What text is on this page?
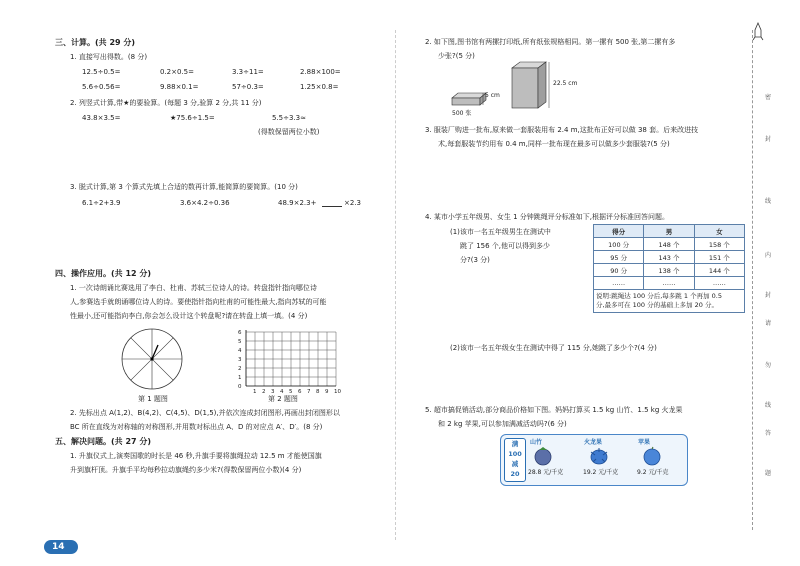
三、计算。(共 29 分)
1. 直接写出得数。(8 分)
12.5÷0.5=	0.2×0.5=	3.3÷11=	2.88×100=
5.6÷0.56=	9.88×0.1=	57÷0.3=	1.25×0.8=
2. 列竖式计算,带★的要验算。(每题 3 分,验算 2 分,共 11 分)
43.8×3.5=	★75.6÷1.5=	5.5÷3.3≈
(得数保留两位小数)
3. 脱式计算,第 3 个算式先填上合适的数再计算,能简算的要简算。(10 分)
6.1÷2+3.9	3.6×4.2÷0.36	48.9×2.3+	×2.3
四、操作应用。(共 12 分)
1. 一次诗朗诵比赛选用了李白、杜甫、苏轼三位诗人的诗。转盘指针指向哪位诗
人,参赛选手就朗诵哪位诗人的诗。要使指针指向杜甫的可能性最大,指向苏轼的可能
性最小,还可能指向李白,你会怎么设计这个转盘呢?请在转盘上填一填。(4 分)
第 1 题图
6
5
4
3
2
1
0
1 2 3 4 5 6 7 8 9 10
第 2 题图
2. 先标出点 A(1,2)、B(4,2)、C(4,5)、D(1,5),并依次连成封闭图形,再画出封闭图形以
BC 所在直线为对称轴的对称图形,并用数对标出点 A、D 的对应点 A′、D′。(8 分)
五、解决问题。(共 27 分)
1. 升旗仪式上,演奏国歌的时长是 46 秒,升旗手要将旗绳拉动 12.5 m 才能使国旗
升到旗杆顶。升旗手平均每秒拉动旗绳约多少米?(得数保留两位小数)(4 分)
14
2. 如下图,图书馆有两摞打印纸,所有纸张规格相同。第一摞有 500 张,第二摞有多
少张?(5 分)
5 cm
22.5 cm
500 张
3. 服装厂购进一批布,原来做一套服装用布 2.4 m,这批布正好可以做 38 套。后来改进技
术,每套服装节约用布 0.4 m,同样一批布现在最多可以做多少套服装?(5 分)
4. 某市小学五年级男、女生 1 分钟跳绳评分标准如下,根据评分标准回答问题。
(1)该市一名五年级男生在测试中
跳了 156 个,他可以得到多少
分?(3 分)
得分	男	女
100 分	148 个	158 个
95 分	143 个	151 个
90 分	138 个	144 个
……	……	……

说明:跳绳达 100 分后,每多跳 1 个再加 0.5
分,最多可在 100 分的基础上多加 20 分。		
(2)该市一名五年级女生在测试中得了 115 分,她跳了多少个?(4 分)
5. 超市搞促销活动,部分商品价格如下图。妈妈打算买 1.5 kg 山竹、1.5 kg 火龙果
和 2 kg 苹果,可以参加满减活动吗?(6 分)
满
100
减
20
山竹
28.8 元/千克
火龙果
19.2 元/千克
苹果
9.2 元/千克
密
封
线
内
封
请
勿
线
答
题
